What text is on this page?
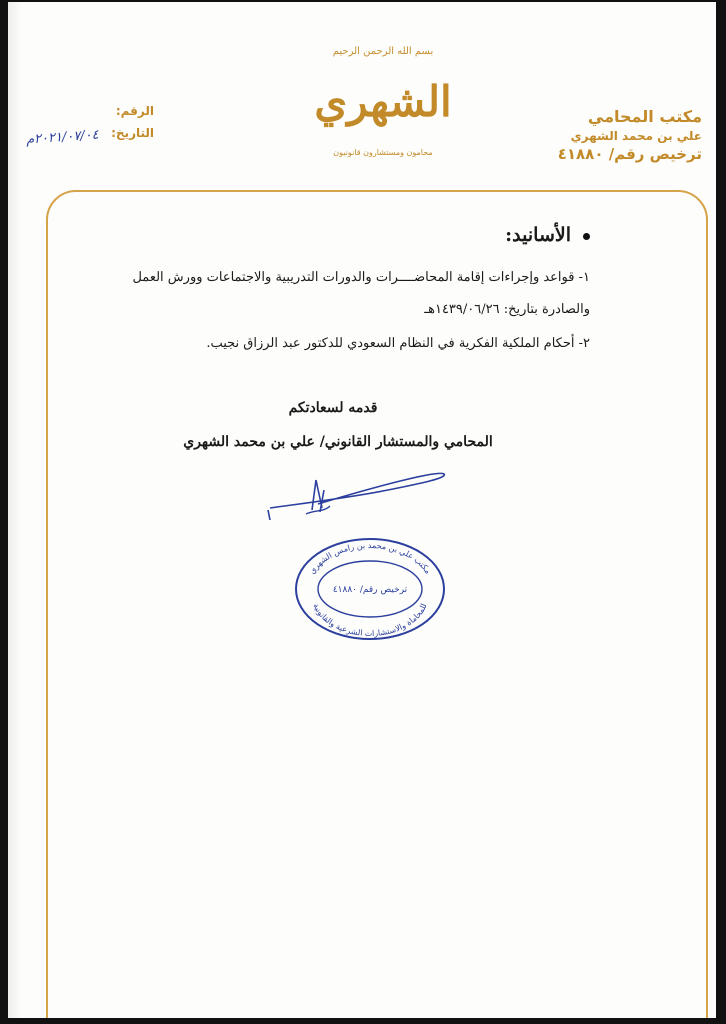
مكتب المحامي
علي بن محمد الشهري
ترخيص رقم/ ٤١٨٨٠
الرقم:
التاريخ:
٢٠٢١/٠٧/٠٤م
بسم الله الرحمن الرحيم
الشهري
محامون ومستشارون قانونيون
الأسانيد:
١- قواعد وإجراءات إقامة المحاضــــرات والدورات التدريبية والاجتماعات وورش العمل
والصادرة بتاريخ: ١٤٣٩/٠٦/٢٦هـ
٢- أحكام الملكية الفكرية في النظام السعودي للدكتور عبد الرزاق نجيب.
قدمه لسعادتكم
المحامي والمستشار القانوني/ علي بن محمد الشهري
مكتب علي بن محمد بن رامس الشهري
ترخيص رقم/ ٤١٨٨٠
للمحاماة والاستشارات الشرعية والقانونية
